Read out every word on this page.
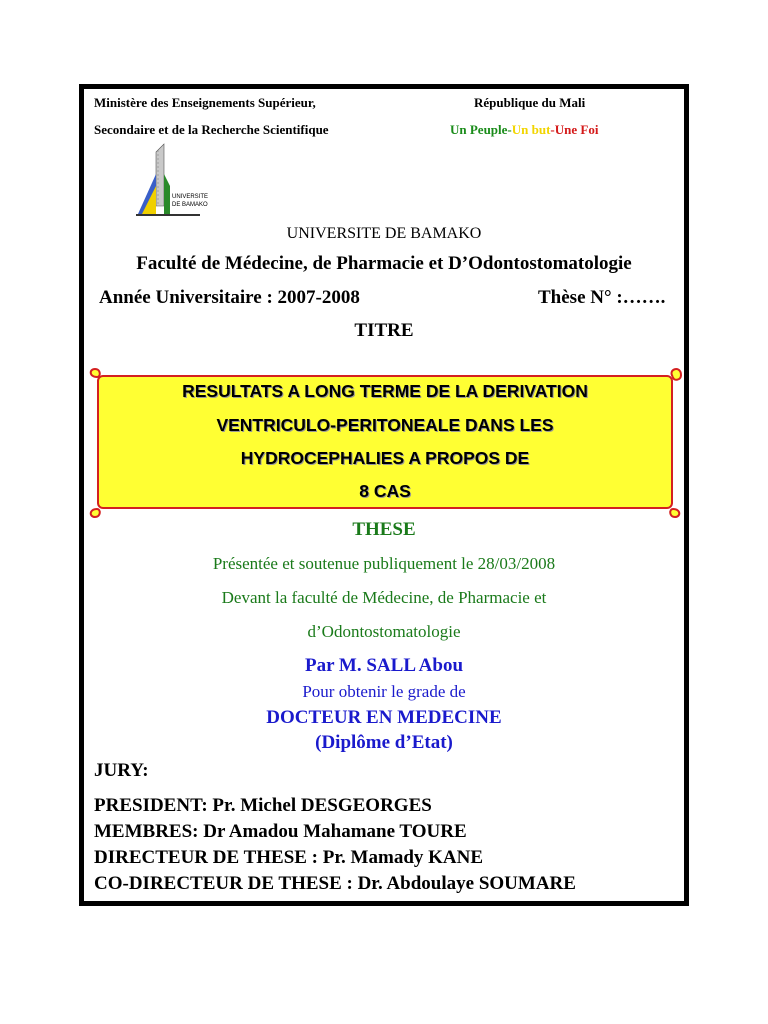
Ministère des Enseignements Supérieur,
Secondaire et de la Recherche Scientifique
République du Mali
Un Peuple-Un but-Une Foi
UNIVERSITE
DE BAMAKO
UNIVERSITE DE BAMAKO
Faculté de Médecine, de Pharmacie et D’Odontostomatologie
Année Universitaire : 2007-2008	Thèse N° :…….
TITRE
RESULTATS A LONG TERME DE LA DERIVATION
VENTRICULO-PERITONEALE DANS LES
HYDROCEPHALIES A PROPOS DE
8 CAS
THESE
Présentée et soutenue publiquement le 28/03/2008
Devant la faculté de Médecine, de Pharmacie et
d’Odontostomatologie
Par M. SALL Abou
Pour obtenir le grade de
DOCTEUR EN MEDECINE
(Diplôme d’Etat)
JURY:
PRESIDENT: Pr. Michel DESGEORGES
MEMBRES: Dr Amadou Mahamane TOURE
DIRECTEUR DE THESE : Pr. Mamady KANE
CO-DIRECTEUR DE THESE : Dr. Abdoulaye SOUMARE
